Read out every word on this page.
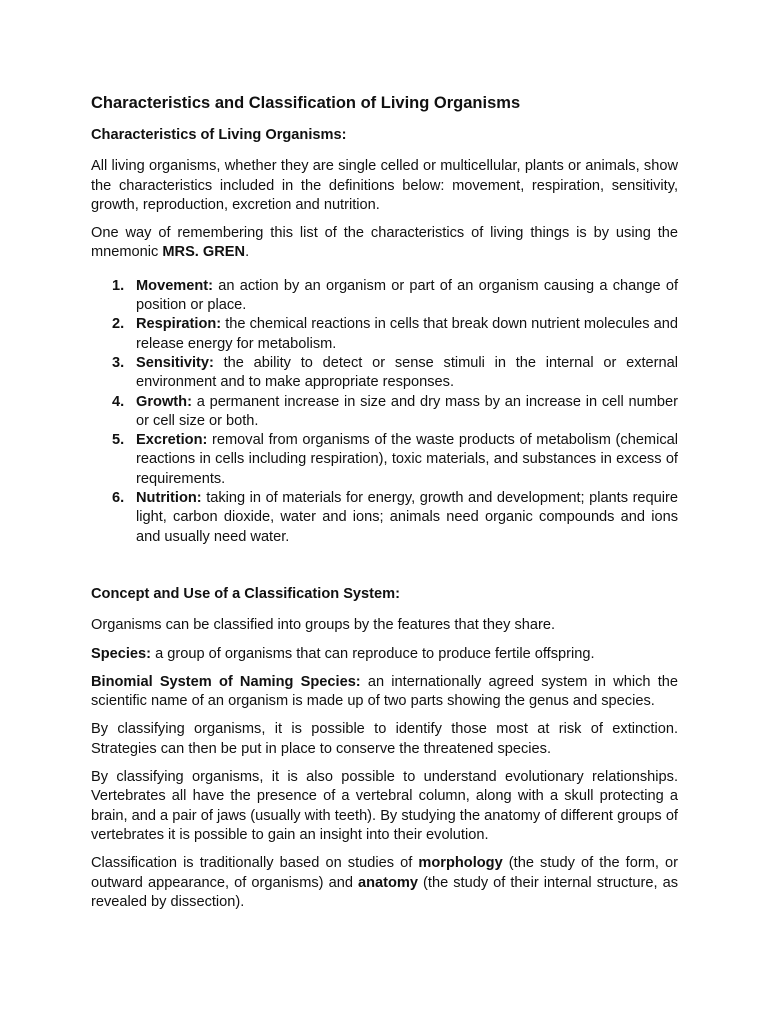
Characteristics and Classification of Living Organisms
Characteristics of Living Organisms:

All living organisms, whether they are single celled or multicellular, plants or animals, show the characteristics included in the definitions below: movement, respiration, sensitivity, growth, reproduction, excretion and nutrition.

One way of remembering this list of the characteristics of living things is by using the mnemonic MRS. GREN.

1. Movement: an action by an organism or part of an organism causing a change of position or place.
2. Respiration: the chemical reactions in cells that break down nutrient molecules and release energy for metabolism.
3. Sensitivity: the ability to detect or sense stimuli in the internal or external environment and to make appropriate responses.
4. Growth: a permanent increase in size and dry mass by an increase in cell number or cell size or both.
5. Excretion: removal from organisms of the waste products of metabolism (chemical reactions in cells including respiration), toxic materials, and substances in excess of requirements.
6. Nutrition: taking in of materials for energy, growth and development; plants require light, carbon dioxide, water and ions; animals need organic compounds and ions and usually need water.
Concept and Use of a Classification System:

Organisms can be classified into groups by the features that they share.

Species: a group of organisms that can reproduce to produce fertile offspring.

Binomial System of Naming Species: an internationally agreed system in which the scientific name of an organism is made up of two parts showing the genus and species.

By classifying organisms, it is possible to identify those most at risk of extinction. Strategies can then be put in place to conserve the threatened species.

By classifying organisms, it is also possible to understand evolutionary relationships. Vertebrates all have the presence of a vertebral column, along with a skull protecting a brain, and a pair of jaws (usually with teeth). By studying the anatomy of different groups of vertebrates it is possible to gain an insight into their evolution.

Classification is traditionally based on studies of morphology (the study of the form, or outward appearance, of organisms) and anatomy (the study of their internal structure, as revealed by dissection).
